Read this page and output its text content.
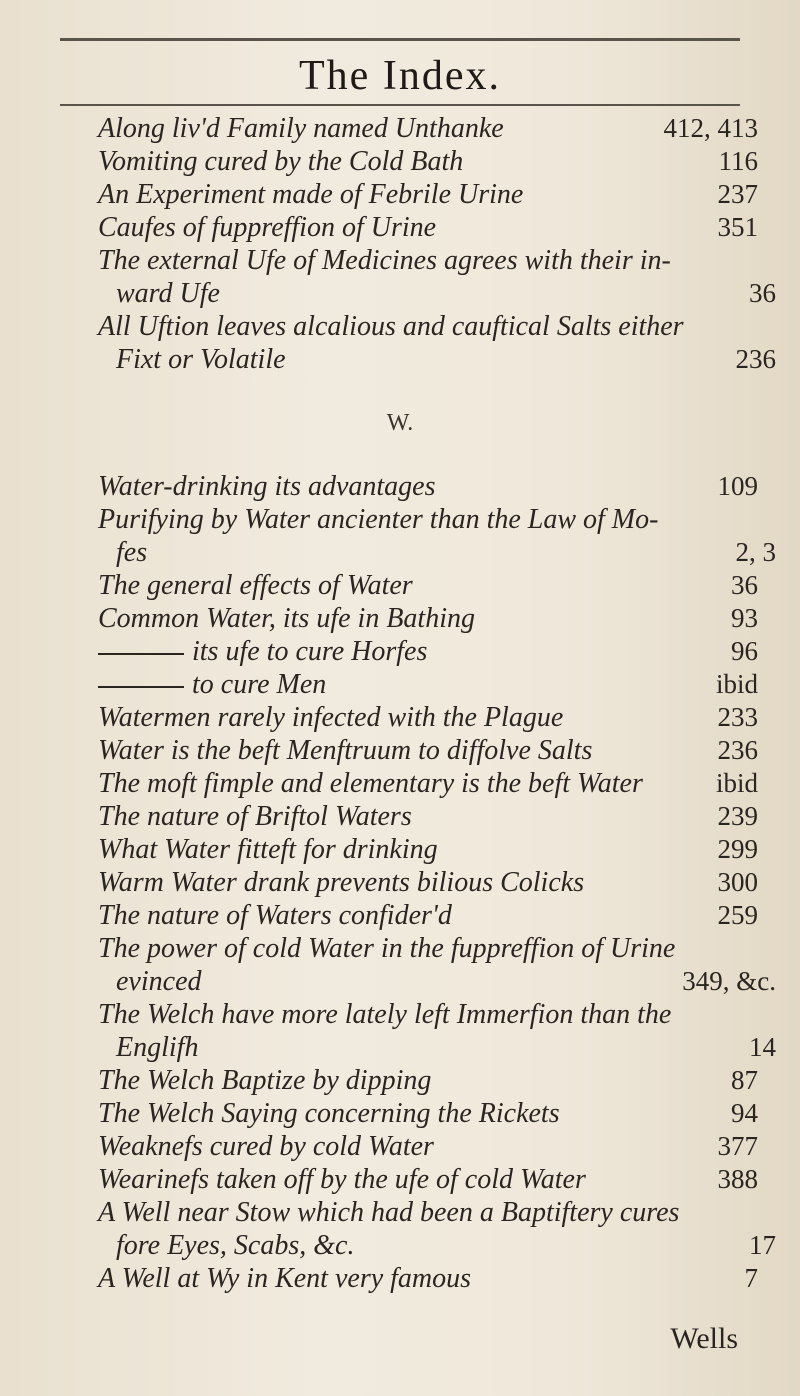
The Index.
Along liv'd Family named Unthanke	412, 413
Vomiting cured by the Cold Bath	116
An Experiment made of Febrile Urine	237
Caufes of fuppreffion of Urine	351
The external Ufe of Medicines agrees with their in-
ward Ufe	36
All Uftion leaves alcalious and cauftical Salts either
Fixt or Volatile	236
W.
Water-drinking its advantages	109
Purifying by Water ancienter than the Law of Mo-
fes	2, 3
The general effects of Water	36
Common Water, its ufe in Bathing	93
its ufe to cure Horfes	96
to cure Men	ibid
Watermen rarely infected with the Plague	233
Water is the beft Menftruum to diffolve Salts	236
The moft fimple and elementary is the beft Water	ibid
The nature of Briftol Waters	239
What Water fitteft for drinking	299
Warm Water drank prevents bilious Colicks	300
The nature of Waters confider'd	259
The power of cold Water in the fuppreffion of Urine
evinced	349, &c.
The Welch have more lately left Immerfion than the
Englifh	14
The Welch Baptize by dipping	87
The Welch Saying concerning the Rickets	94
Weaknefs cured by cold Water	377
Wearinefs taken off by the ufe of cold Water	388
A Well near Stow which had been a Baptiftery cures
fore Eyes, Scabs, &c.	17
A Well at Wy in Kent very famous	7
Wells
